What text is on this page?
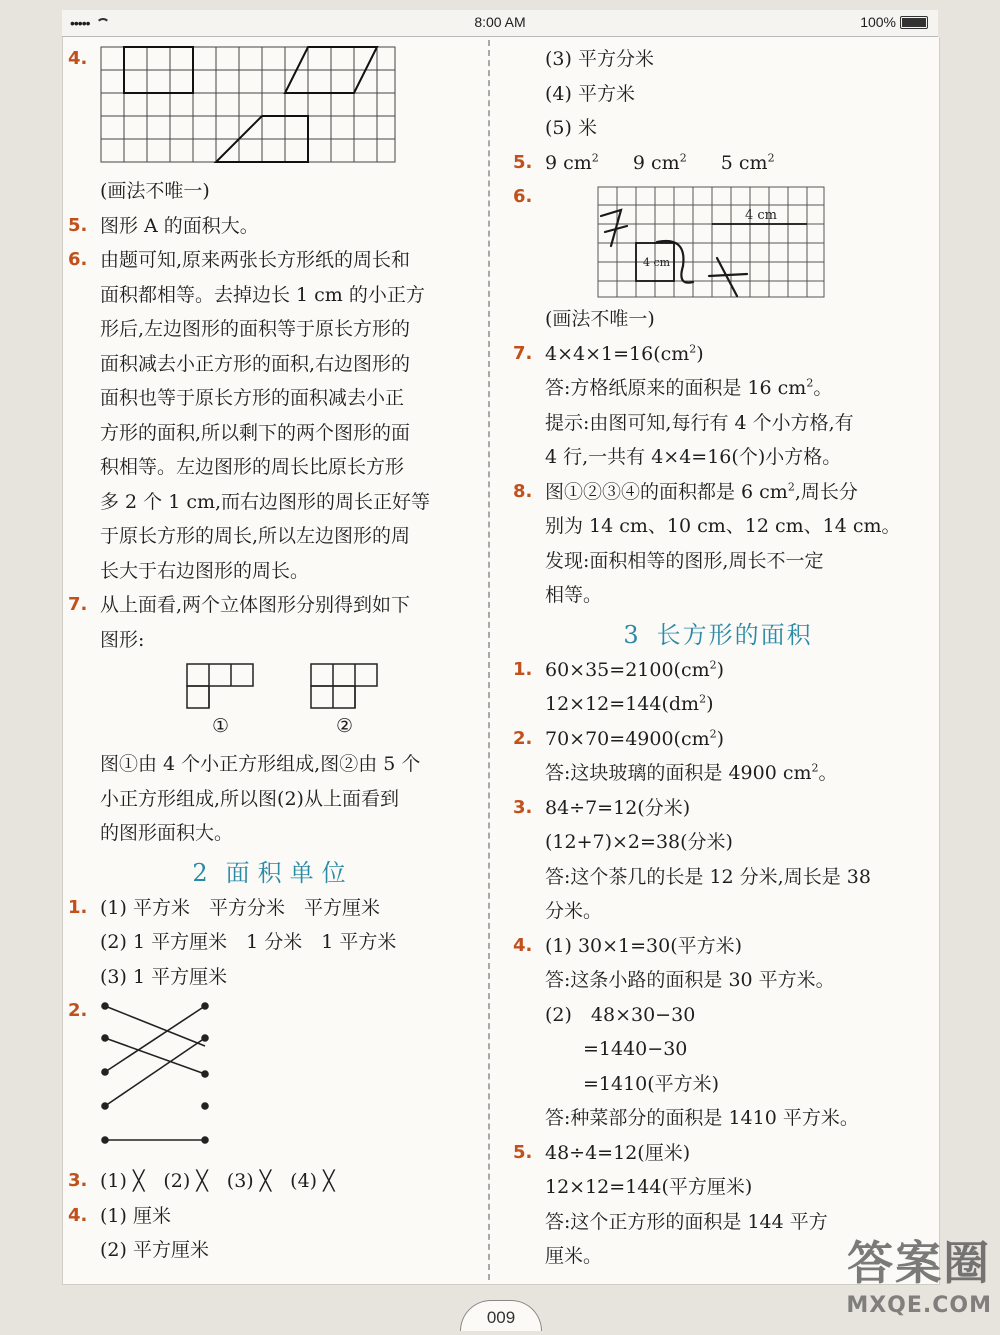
•••••	8:00 AM	100%
4.
(画法不唯一)
5. 图形 A 的面积大。
6. 由题可知,原来两张长方形纸的周长和
面积都相等。去掉边长 1 cm 的小正方
形后,左边图形的面积等于原长方形的
面积减去小正方形的面积,右边图形的
面积也等于原长方形的面积减去小正
方形的面积,所以剩下的两个图形的面
积相等。左边图形的周长比原长方形
多 2 个 1 cm,而右边图形的周长正好等
于原长方形的周长,所以左边图形的周
长大于右边图形的周长。
7. 从上面看,两个立体图形分别得到如下
图形:
①	②
图①由 4 个小正方形组成,图②由 5 个
小正方形组成,所以图(2)从上面看到
的图形面积大。
2 面积单位
1. (1) 平方米　平方分米　平方厘米
(2) 1 平方厘米　1 分米　1 平方米
(3) 1 平方厘米
2.
3. (1) ╳　(2) ╳　(3) ╳　(4) ╳
4. (1) 厘米
(2) 平方厘米
(3) 平方分米
(4) 平方米
(5) 米
5. 9 $cm^2$ 9 $cm^2$ 5 $cm^2$
6.
4 cm
4 cm
(画法不唯一)
7. $4\times 4\times 1=16(cm^2)$
答:方格纸原来的面积是 16 $cm^2$。
提示:由图可知,每行有 4 个小方格,有
4 行,一共有 4×4=16(个)小方格。
8. 图①②③④的面积都是 6 $cm^2$,周长分
别为 14 cm、10 cm、12 cm、14 cm。
发现:面积相等的图形,周长不一定
相等。
3 长方形的面积
1. $60\times 35=2100(cm^2)$
$12\times 12=144(dm^2)$
2. $70\times 70=4900(cm^2)$
答:这块玻璃的面积是 4900 $cm^2$。
3. 84÷7=12(分米)
(12+7)×2=38(分米)
答:这个茶几的长是 12 分米,周长是 38
分米。
4. (1) 30×1=30(平方米)
答:这条小路的面积是 30 平方米。
(2)　48×30−30
　　=1440−30
　　=1410(平方米)
答:种菜部分的面积是 1410 平方米。
5. 48÷4=12(厘米)
12×12=144(平方厘米)
答:这个正方形的面积是 144 平方
厘米。
009
答案圈
MXQE.COM
